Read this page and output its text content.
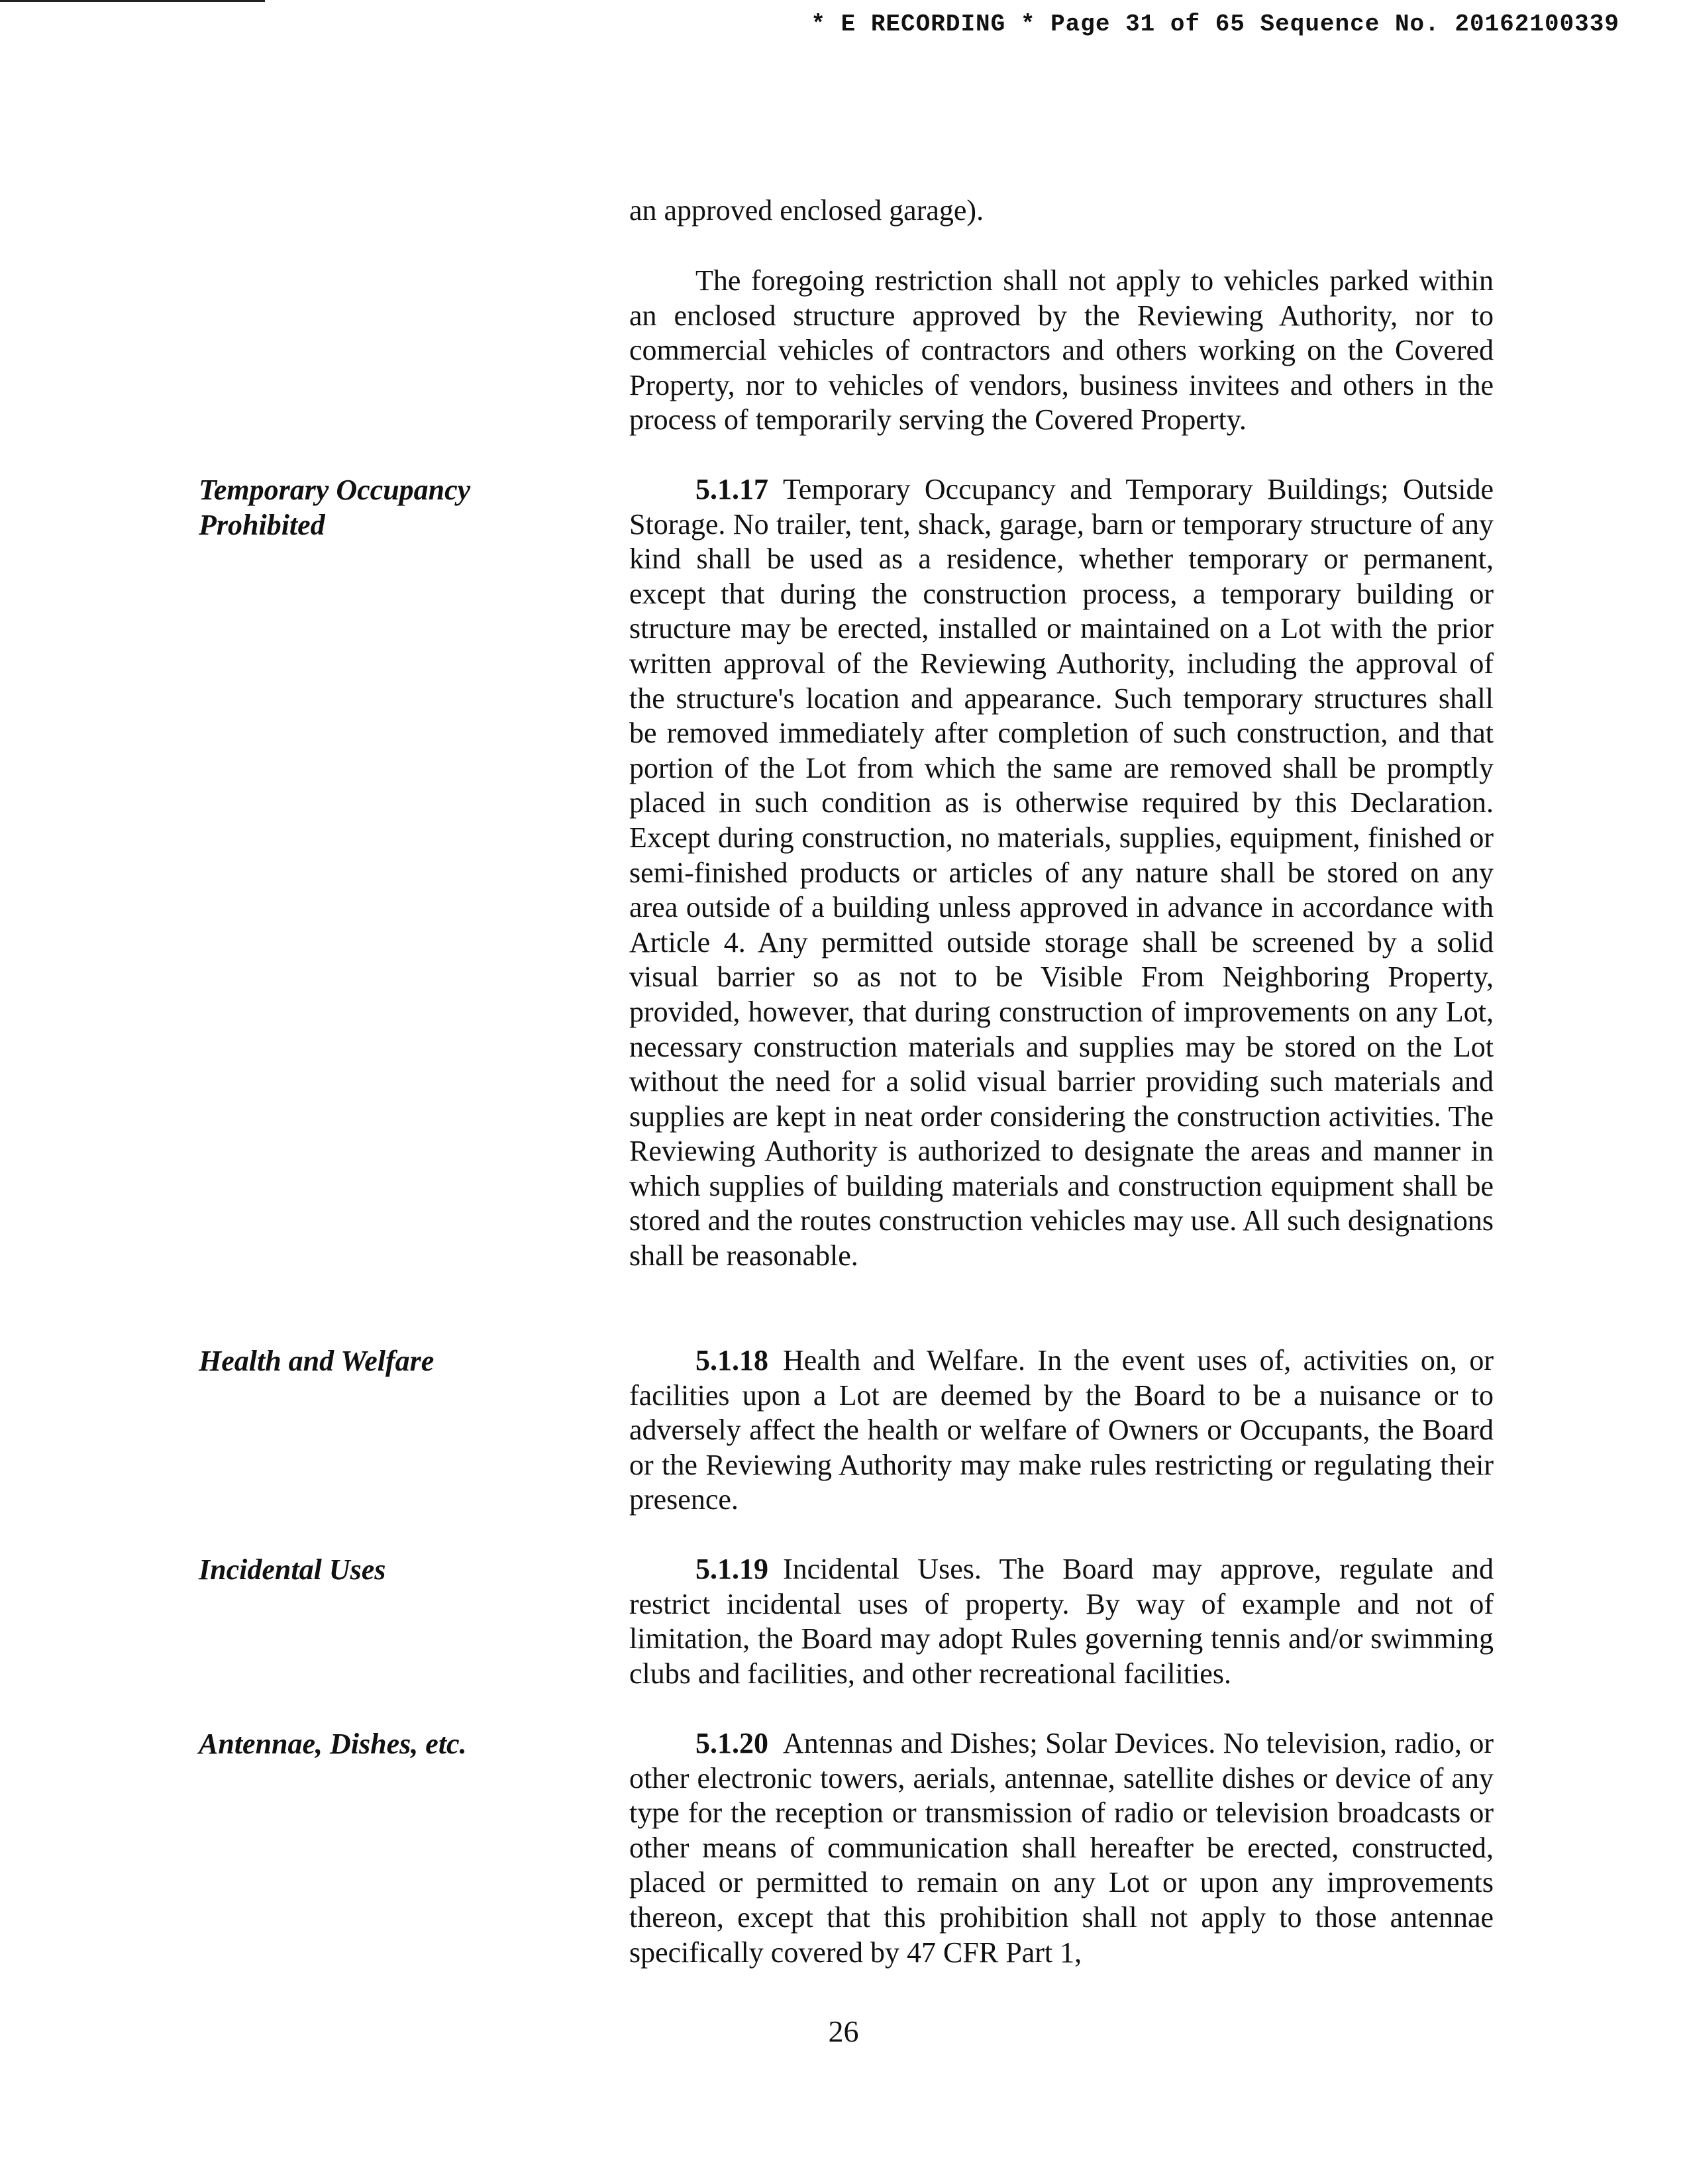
* E RECORDING * Page 31 of 65 Sequence No. 20162100339

an approved enclosed garage).

The foregoing restriction shall not apply to vehicles parked within an enclosed structure approved by the Reviewing Authority, nor to commercial vehicles of contractors and others working on the Covered Property, nor to vehicles of vendors, business invitees and others in the process of temporarily serving the Covered Property.

Temporary Occupancy
Prohibited

5.1.17 Temporary Occupancy and Temporary Buildings; Outside Storage. No trailer, tent, shack, garage, barn or temporary structure of any kind shall be used as a residence, whether temporary or permanent, except that during the construction process, a temporary building or structure may be erected, installed or maintained on a Lot with the prior written approval of the Reviewing Authority, including the approval of the structure's location and appearance. Such temporary structures shall be removed immediately after completion of such construction, and that portion of the Lot from which the same are removed shall be promptly placed in such condition as is otherwise required by this Declaration. Except during construction, no materials, supplies, equipment, finished or semi-finished products or articles of any nature shall be stored on any area outside of a building unless approved in advance in accordance with Article 4. Any permitted outside storage shall be screened by a solid visual barrier so as not to be Visible From Neighboring Property, provided, however, that during construction of improvements on any Lot, necessary construction materials and supplies may be stored on the Lot without the need for a solid visual barrier providing such materials and supplies are kept in neat order considering the construction activities. The Reviewing Authority is authorized to designate the areas and manner in which supplies of building materials and construction equipment shall be stored and the routes construction vehicles may use. All such designations shall be reasonable.

Health and Welfare	5.1.18 Health and Welfare. In the event uses of, activities on, or facilities upon a Lot are deemed by the Board to be a nuisance or to adversely affect the health or welfare of Owners or Occupants, the Board or the Reviewing Authority may make rules restricting or regulating their presence.

Incidental Uses	5.1.19 Incidental Uses. The Board may approve, regulate and restrict incidental uses of property. By way of example and not of limitation, the Board may adopt Rules governing tennis and/or swimming clubs and facilities, and other recreational facilities.

Antennae, Dishes, etc.	5.1.20 Antennas and Dishes; Solar Devices. No television, radio, or other electronic towers, aerials, antennae, satellite dishes or device of any type for the reception or transmission of radio or television broadcasts or other means of communication shall hereafter be erected, constructed, placed or permitted to remain on any Lot or upon any improvements thereon, except that this prohibition shall not apply to those antennae specifically covered by 47 CFR Part 1,

26
